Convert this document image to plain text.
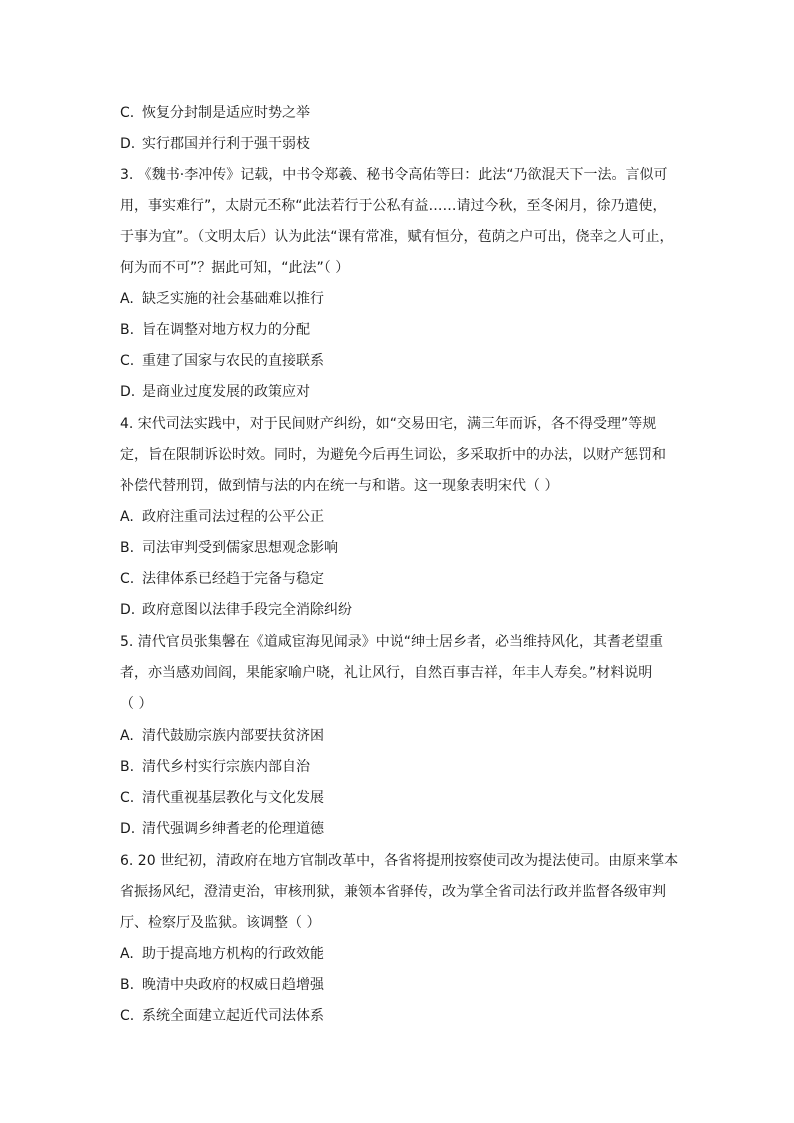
C. 恢复分封制是适应时势之举
D. 实行郡国并行利于强干弱枝
3. 《魏书·李冲传》记载，中书令郑羲、秘书令高佑等曰：此法“乃欲混天下一法。言似可
用，事实难行”，太尉元丕称“此法若行于公私有益……请过今秋，至冬闲月，徐乃遣使，
于事为宜”。（文明太后）认为此法“课有常准，赋有恒分，苞荫之户可出，侥幸之人可止，
何为而不可”？据此可知，“此法”（ ）
A. 缺乏实施的社会基础难以推行
B. 旨在调整对地方权力的分配
C. 重建了国家与农民的直接联系
D. 是商业过度发展的政策应对
4. 宋代司法实践中，对于民间财产纠纷，如“交易田宅，满三年而诉，各不得受理”等规
定，旨在限制诉讼时效。同时，为避免今后再生词讼，多采取折中的办法，以财产惩罚和
补偿代替刑罚，做到情与法的内在统一与和谐。这一现象表明宋代（ ）
A. 政府注重司法过程的公平公正
B. 司法审判受到儒家思想观念影响
C. 法律体系已经趋于完备与稳定
D. 政府意图以法律手段完全消除纠纷
5. 清代官员张集馨在《道咸宦海见闻录》中说“绅士居乡者，必当维持风化，其耆老望重
者，亦当感劝闾阎，果能家喻户晓，礼让风行，自然百事吉祥，年丰人寿矣。”材料说明
（ ）
A. 清代鼓励宗族内部要扶贫济困
B. 清代乡村实行宗族内部自治
C. 清代重视基层教化与文化发展
D. 清代强调乡绅耆老的伦理道德
6. 20 世纪初，清政府在地方官制改革中，各省将提刑按察使司改为提法使司。由原来掌本
省振扬风纪，澄清吏治，审核刑狱，兼领本省驿传，改为掌全省司法行政并监督各级审判
厅、检察厅及监狱。该调整（ ）
A. 助于提高地方机构的行政效能
B. 晚清中央政府的权威日趋增强
C. 系统全面建立起近代司法体系
